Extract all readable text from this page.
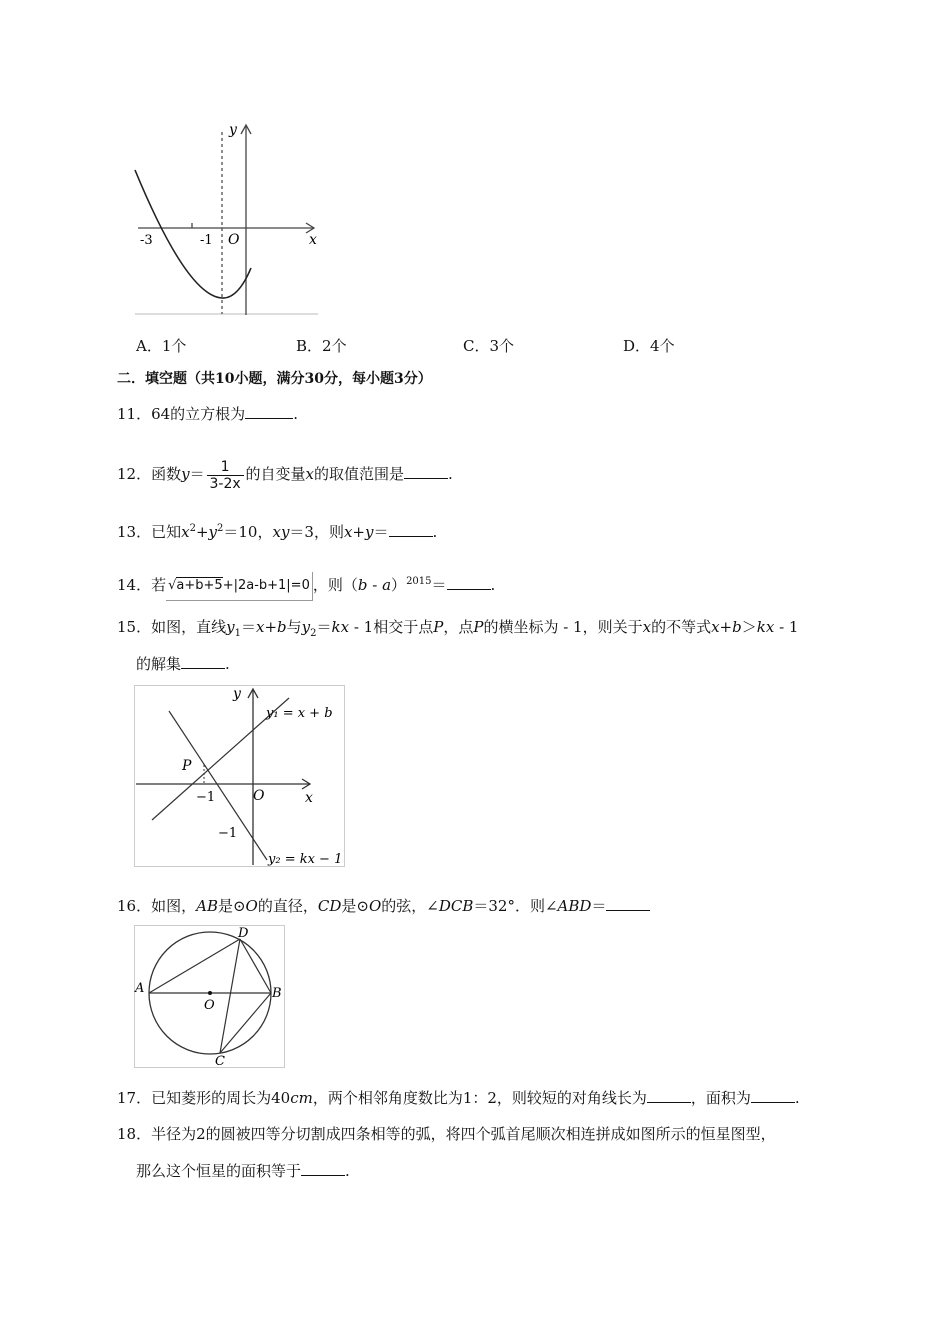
y
x
O
-3	-1
A．1个	B．2个	C．3个	D．4个
二．填空题（共10小题，满分30分，每小题3分）
11．64的立方根为	.
12．函数$y= \frac{1}{3-2x}$ 的自变量x的取值范围是	.
13．已知$x^2+y^2=10$，xy＝3，则x+y＝	.
14．若 √a+b+5+|2a-b+1|=0 ，则（b - a）$^{2015}$＝	.
15．如图，直线$y_1=x+b$与$y_2=kx - 1$相交于点P，点P的横坐标为 - 1，则关于x的不等式x+b＞kx - 1
的解集	.
y
x
O
P
−1
−1
y₁ = x + b
y₂ = kx − 1
16．如图，AB是⊙O的直径，CD是⊙O的弦，∠DCB＝32°．则∠ABD＝
A	B
C
D
O
17．已知菱形的周长为40cm，两个相邻角度数比为1：2，则较短的对角线长为	，面积为	.
18．半径为2的圆被四等分切割成四条相等的弧，将四个弧首尾顺次相连拼成如图所示的恒星图型，
那么这个恒星的面积等于	.
